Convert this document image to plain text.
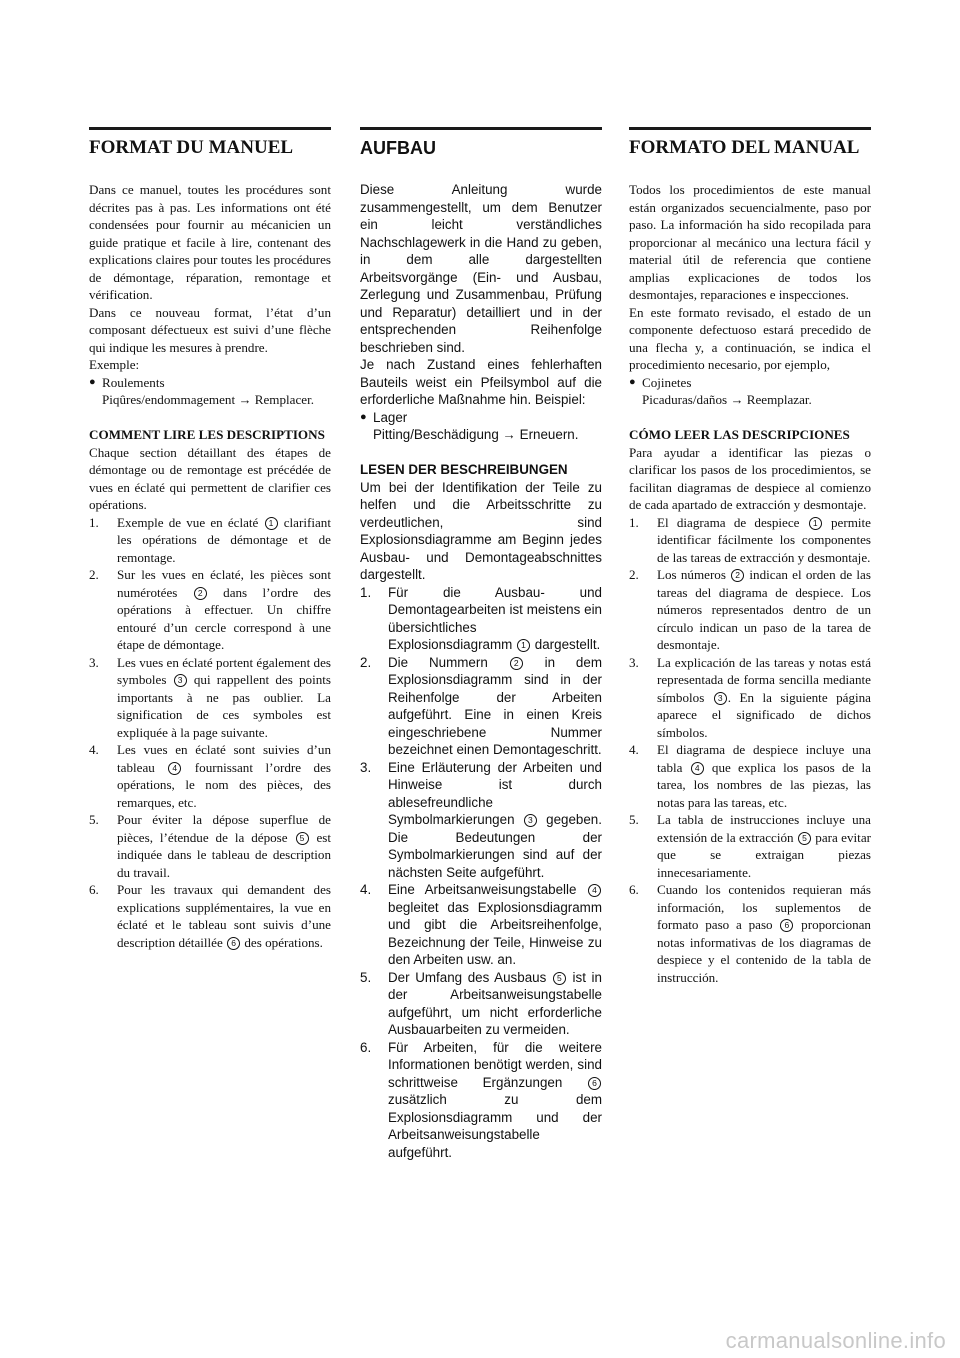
FORMAT DU MANUEL

Dans ce manuel, toutes les procédures sont décrites pas à pas. Les informations ont été condensées pour fournir au mécanicien un guide pratique et facile à lire, contenant des explications claires pour toutes les procédures de démontage, réparation, remontage et vérification.

Dans ce nouveau format, l’état d’un composant défectueux est suivi d’une flèche qui indique les mesures à prendre.

Exemple:

● Roulements

Piqûres/endommagement → Remplacer.

COMMENT LIRE LES DESCRIPTIONS

Chaque section détaillant des étapes de démontage ou de remontage est précédée de vues en éclaté qui permettent de clarifier ces opérations.

1.	Exemple de vue en éclaté 1 clarifiant les opérations de démontage et de remontage.
2.	Sur les vues en éclaté, les pièces sont numérotées 2 dans l’ordre des opérations à effectuer. Un chiffre entouré d’un cercle correspond à une étape de démontage.
3.	Les vues en éclaté portent également des symboles 3 qui rappellent des points importants à ne pas oublier. La signification de ces symboles est expliquée à la page suivante.
4.	Les vues en éclaté sont suivies d’un tableau 4 fournissant l’ordre des opérations, le nom des pièces, des remarques, etc.
5.	Pour éviter la dépose superflue de pièces, l’étendue de la dépose 5 est indiquée dans le tableau de description du travail.
6.	Pour les travaux qui demandent des explications supplémentaires, la vue en éclaté et le tableau sont suivis d’une description détaillée 6 des opérations.
AUFBAU

Diese Anleitung wurde zusammengestellt, um dem Benutzer ein leicht verständliches Nachschlagewerk in die Hand zu geben, in dem alle dargestellten Arbeitsvorgänge (Ein- und Ausbau, Zerlegung und Zusammenbau, Prüfung und Reparatur) detailliert und in der entsprechenden Reihenfolge beschrieben sind.

Je nach Zustand eines fehlerhaften Bauteils weist ein Pfeilsymbol auf die erforderliche Maßnahme hin. Beispiel:

● Lager

Pitting/Beschädigung → Erneuern.

LESEN DER BESCHREIBUNGEN

Um bei der Identifikation der Teile zu helfen und die Arbeitsschritte zu verdeutlichen, sind Explosionsdiagramme am Beginn jedes Ausbau- und Demontageabschnittes dargestellt.

1.	Für die Ausbau- und Demontagearbeiten ist meistens ein übersichtliches Explosionsdiagramm 1 dargestellt.
2.	Die Nummern	2 in dem Explosionsdiagramm sind in der Reihenfolge der Arbeiten aufgeführt. Eine in einen Kreis eingeschriebene Nummer bezeichnet einen Demontageschritt.
3.	Eine Erläuterung der Arbeiten und Hinweise ist durch ablesefreundliche Symbolmarkierungen 3 gegeben. Die Bedeutungen der Symbolmarkierungen sind auf der nächsten Seite aufgeführt.
4.	Eine Arbeitsanweisungstabelle 4 begleitet das Explosionsdiagramm und gibt die Arbeitsreihenfolge, Bezeichnung der Teile, Hinweise zu den Arbeiten usw. an.
5.	Der Umfang des Ausbaus 5 ist in der Arbeitsanweisungstabelle aufgeführt, um nicht erforderliche Ausbauarbeiten zu vermeiden.
6.	Für Arbeiten, für die weitere Informationen benötigt werden, sind schrittweise Ergänzungen	6 zusätzlich zu dem Explosionsdiagramm und der Arbeitsanweisungstabelle aufgeführt.
FORMATO DEL MANUAL

Todos los procedimientos de este manual están organizados secuencialmente, paso por paso. La información ha sido recopilada para proporcionar al mecánico una lectura fácil y material útil de referencia que contiene amplias explicaciones de todos los desmontajes, reparaciones e inspecciones.

En este formato revisado, el estado de un componente defectuoso estará precedido de una flecha y, a continuación, se indica el procedimiento necesario, por ejemplo,

● Cojinetes

Picaduras/daños → Reemplazar.

CÓMO LEER LAS DESCRIPCIONES

Para ayudar a identificar las piezas o clarificar los pasos de los procedimientos, se facilitan diagramas de despiece al comienzo de cada apartado de extracción y desmontaje.

1.	El diagrama de despiece 1 permite identificar fácilmente los componentes de las tareas de extracción y desmontaje.
2.	Los números 2 indican el orden de las tareas del diagrama de despiece. Los números representados dentro de un círculo indican un paso de la tarea de desmontaje.
3.	La explicación de las tareas y notas está representada de forma sencilla mediante símbolos 3 . En la siguiente página aparece el significado de dichos símbolos.
4.	El diagrama de despiece incluye una tabla 4 que explica los pasos de la tarea, los nombres de las piezas, las notas para las tareas, etc.
5.	La tabla de instrucciones incluye una extensión de la extracción 5 para evitar que se extraigan piezas innecesariamente.
6.	Cuando los contenidos requieran más información, los suplementos de formato paso a paso 6 proporcionan notas informativas de los diagramas de despiece y el contenido de la tabla de instrucción.
carmanualsonline.info
